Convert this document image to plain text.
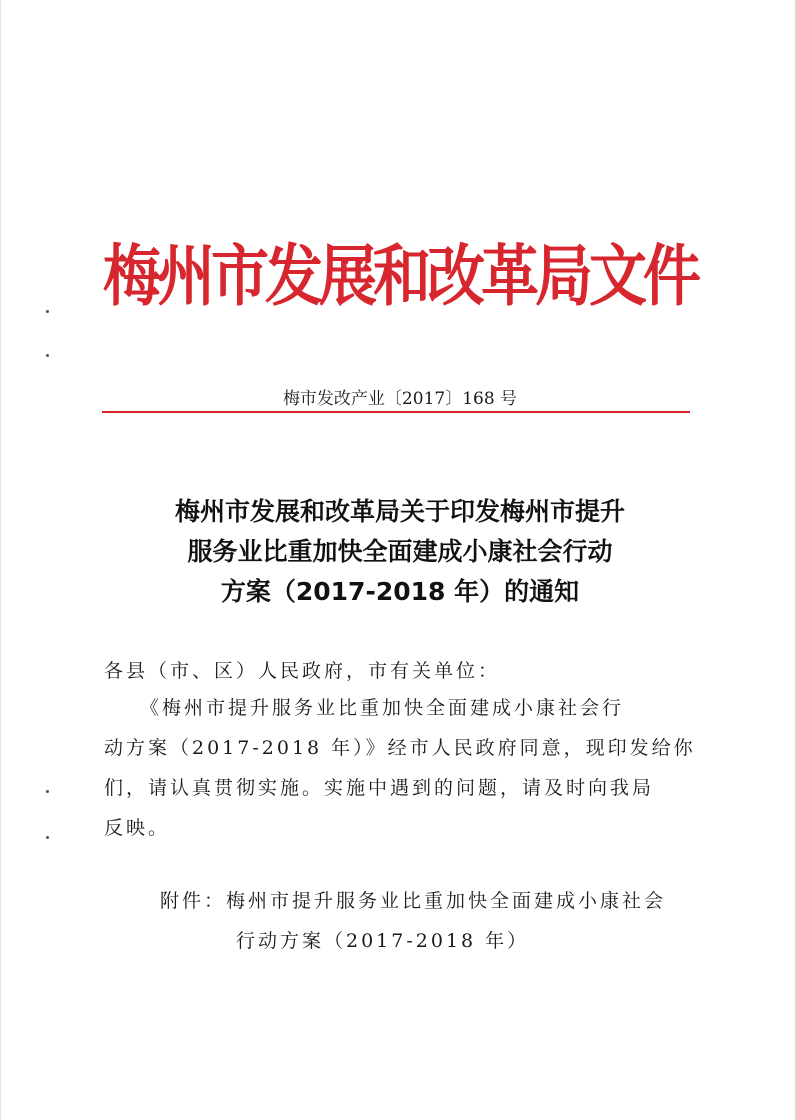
梅州市发展和改革局文件
梅市发改产业〔2017〕168 号
梅州市发展和改革局关于印发梅州市提升
服务业比重加快全面建成小康社会行动
方案（2017-2018 年）的通知
各县（市、区）人民政府，市有关单位：
《梅州市提升服务业比重加快全面建成小康社会行
动方案（2017-2018 年）》经市人民政府同意，现印发给你
们，请认真贯彻实施。实施中遇到的问题，请及时向我局
反映。
附件：梅州市提升服务业比重加快全面建成小康社会
行动方案（2017-2018 年）
